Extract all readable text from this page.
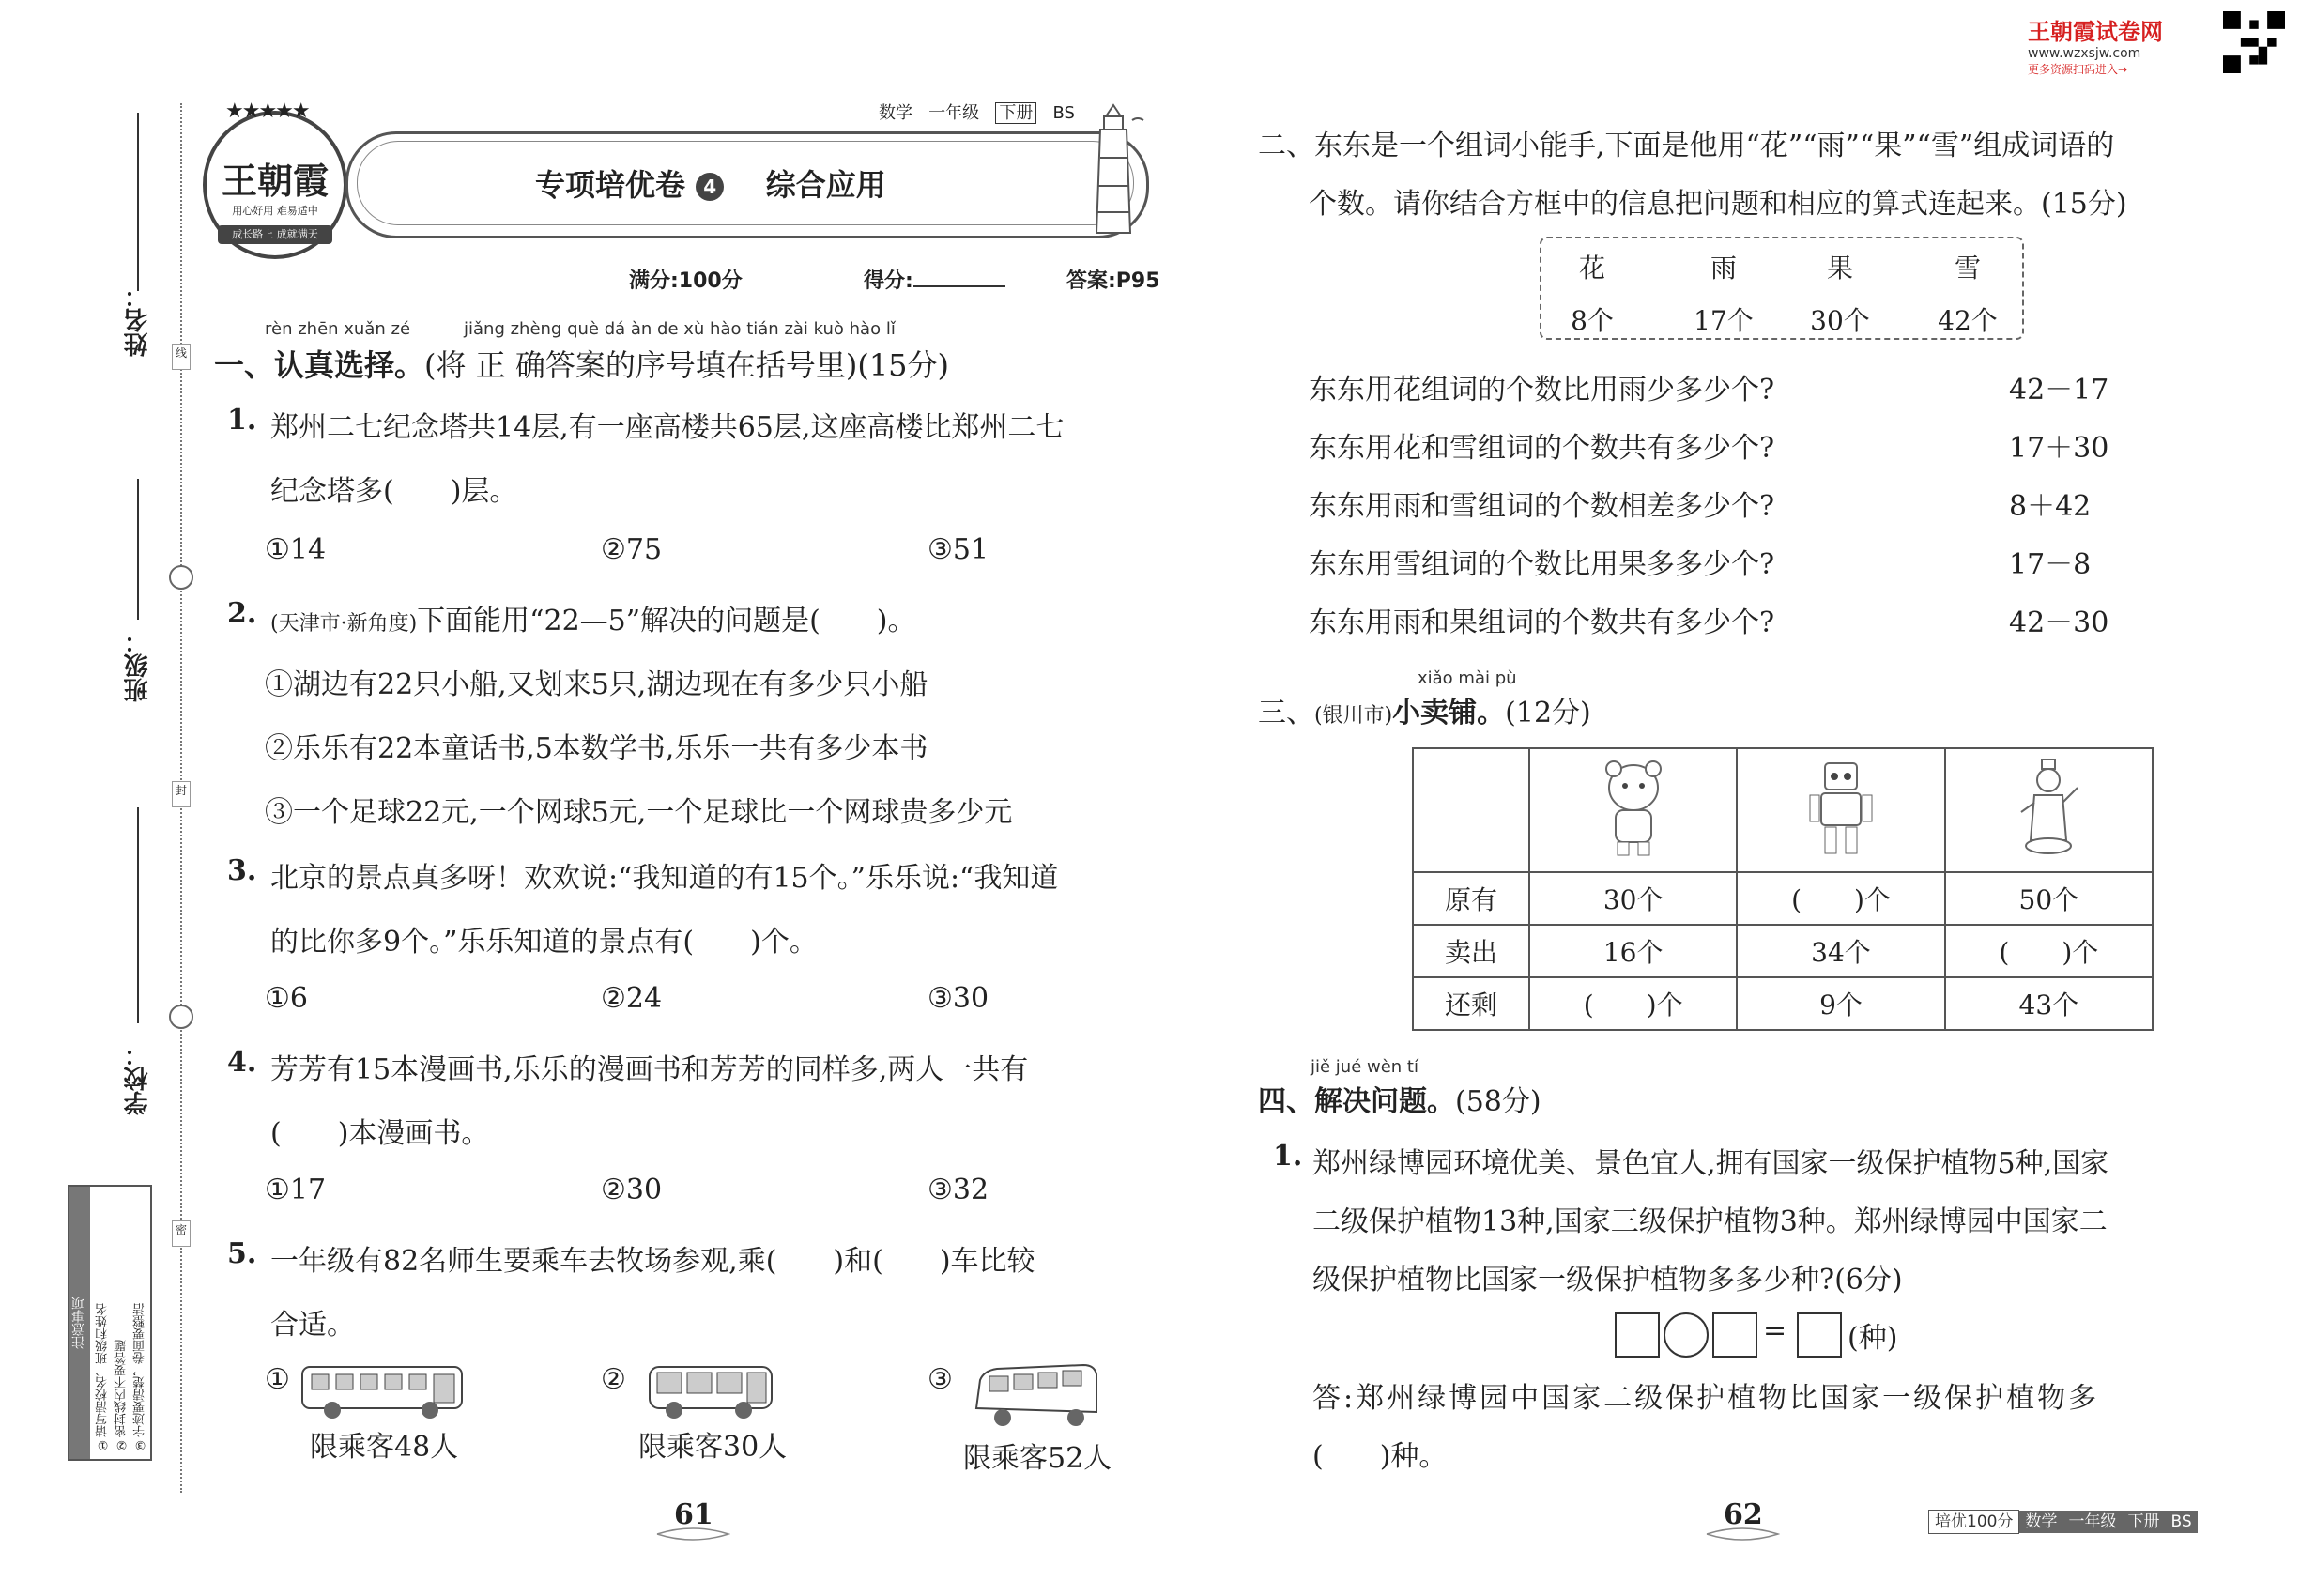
姓名：
班级：
学校：
线
封
密
注意事项 ①请写清校名、班级和姓名 ②密封线内不要答题 ③字迹要清楚，卷面要整洁
★★★★★
王朝霞
用心好用 难易适中
成长路上 成就满天
数学 一年级 下册 BS
专项培优卷 4 综合应用
满分:100分	得分:	答案:P95
王朝霞试卷网
www.wzxsjw.com
更多资源扫码进入→
rèn zhēn xuǎn zé	jiǎng zhèng què dá àn de xù hào tián zài kuò hào lǐ
一、认真选择。(将 正 确答案的序号填在括号里)(15分)
1. 郑州二七纪念塔共14层,有一座高楼共65层,这座高楼比郑州二七
纪念塔多(　　)层。
①14	②75	③51
2. (天津市·新角度)下面能用“22—5”解决的问题是(　　)。
①湖边有22只小船,又划来5只,湖边现在有多少只小船
②乐乐有22本童话书,5本数学书,乐乐一共有多少本书
③一个足球22元,一个网球5元,一个足球比一个网球贵多少元
3. 北京的景点真多呀！欢欢说:“我知道的有15个。”乐乐说:“我知道
的比你多9个。”乐乐知道的景点有(　　)个。
①6	②24	③30
4. 芳芳有15本漫画书,乐乐的漫画书和芳芳的同样多,两人一共有
(　　)本漫画书。
①17	②30	③32
5. 一年级有82名师生要乘车去牧场参观,乘(　　)和(　　)车比较
合适。
①
限乘客48人
②
限乘客30人
③
限乘客52人
61
二、东东是一个组词小能手,下面是他用“花”“雨”“果”“雪”组成词语的
个数。请你结合方框中的信息把问题和相应的算式连起来。(15分)
花	雨	果	雪
8个	17个	30个	42个
东东用花组词的个数比用雨少多少个?
东东用花和雪组词的个数共有多少个?
东东用雨和雪组词的个数相差多少个?
东东用雪组词的个数比用果多多少个?
东东用雨和果组词的个数共有多少个?
42－17
17＋30
8＋42
17－8
42－30
xiǎo mài pù
三、(银川市)小卖铺。(12分)

原有	30个	(　　)个	50个
卖出	16个	34个	(　　)个
还剩	(　　)个	9个	43个
jiě jué wèn tí
四、解决问题。(58分)
1. 郑州绿博园环境优美、景色宜人,拥有国家一级保护植物5种,国家
二级保护植物13种,国家三级保护植物3种。郑州绿博园中国家二
级保护植物比国家一级保护植物多多少种?(6分)
= (种)
答:郑州绿博园中国家二级保护植物比国家一级保护植物多
(　　)种。
62	培优100分 数学 一年级 下册 BS
